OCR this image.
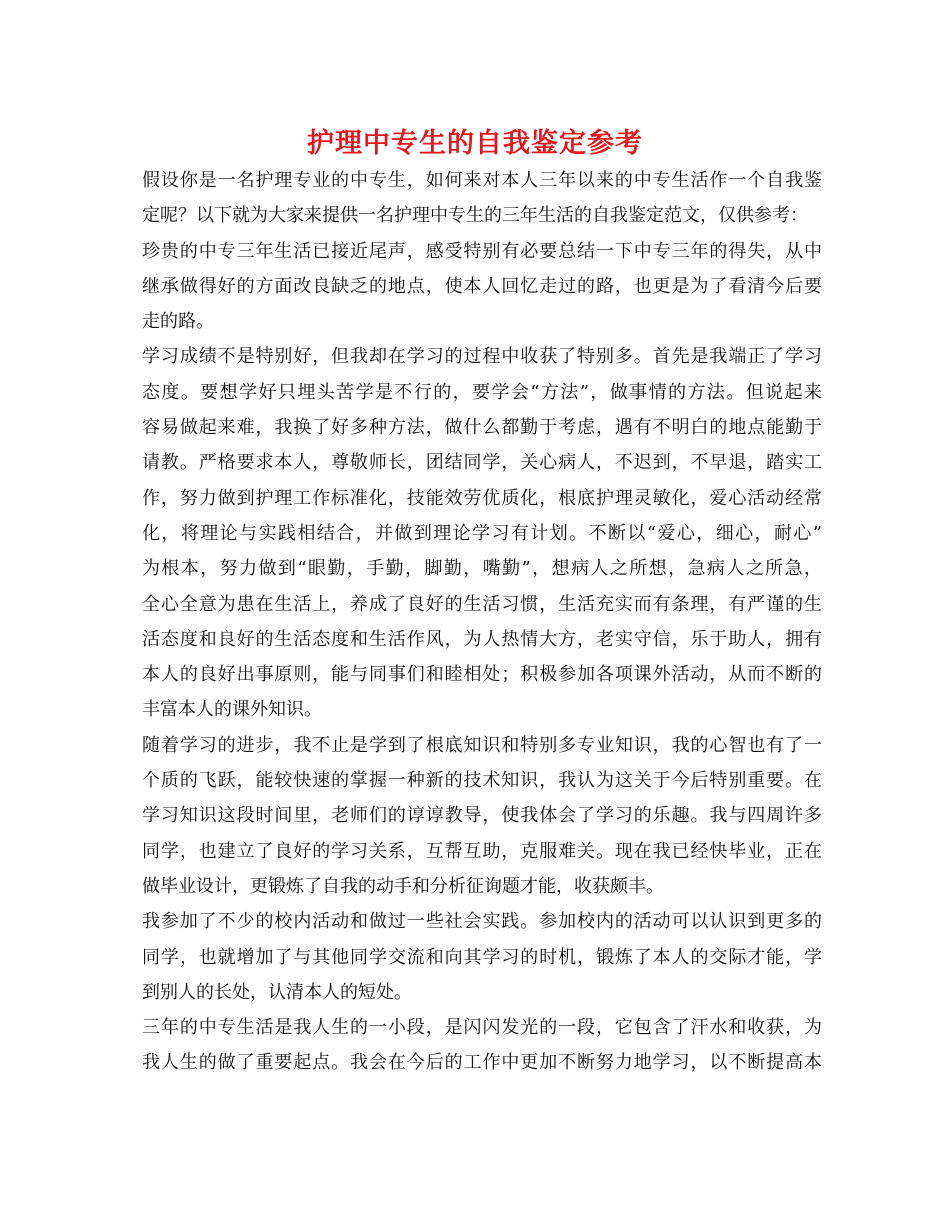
护理中专生的自我鉴定参考
假设你是一名护理专业的中专生，如何来对本人三年以来的中专生活作一个自我鉴
定呢？以下就为大家来提供一名护理中专生的三年生活的自我鉴定范文，仅供参考：
珍贵的中专三年生活已接近尾声，感受特别有必要总结一下中专三年的得失，从中
继承做得好的方面改良缺乏的地点，使本人回忆走过的路，也更是为了看清今后要
走的路。
学习成绩不是特别好，但我却在学习的过程中收获了特别多。首先是我端正了学习
态度。要想学好只埋头苦学是不行的，要学会“方法”，做事情的方法。但说起来
容易做起来难，我换了好多种方法，做什么都勤于考虑，遇有不明白的地点能勤于
请教。严格要求本人，尊敬师长，团结同学，关心病人，不迟到，不早退，踏实工
作，努力做到护理工作标准化，技能效劳优质化，根底护理灵敏化，爱心活动经常
化，将理论与实践相结合，并做到理论学习有计划。不断以“爱心，细心，耐心”
为根本，努力做到“眼勤，手勤，脚勤，嘴勤”，想病人之所想，急病人之所急，
全心全意为患在生活上，养成了良好的生活习惯，生活充实而有条理，有严谨的生
活态度和良好的生活态度和生活作风，为人热情大方，老实守信，乐于助人，拥有
本人的良好出事原则，能与同事们和睦相处；积极参加各项课外活动，从而不断的
丰富本人的课外知识。
随着学习的进步，我不止是学到了根底知识和特别多专业知识，我的心智也有了一
个质的飞跃，能较快速的掌握一种新的技术知识，我认为这关于今后特别重要。在
学习知识这段时间里，老师们的谆谆教导，使我体会了学习的乐趣。我与四周许多
同学，也建立了良好的学习关系，互帮互助，克服难关。现在我已经快毕业，正在
做毕业设计，更锻炼了自我的动手和分析征询题才能，收获颇丰。
我参加了不少的校内活动和做过一些社会实践。参加校内的活动可以认识到更多的
同学，也就增加了与其他同学交流和向其学习的时机，锻炼了本人的交际才能，学
到别人的长处，认清本人的短处。
三年的中专生活是我人生的一小段，是闪闪发光的一段，它包含了汗水和收获，为
我人生的做了重要起点。我会在今后的工作中更加不断努力地学习，以不断提高本
